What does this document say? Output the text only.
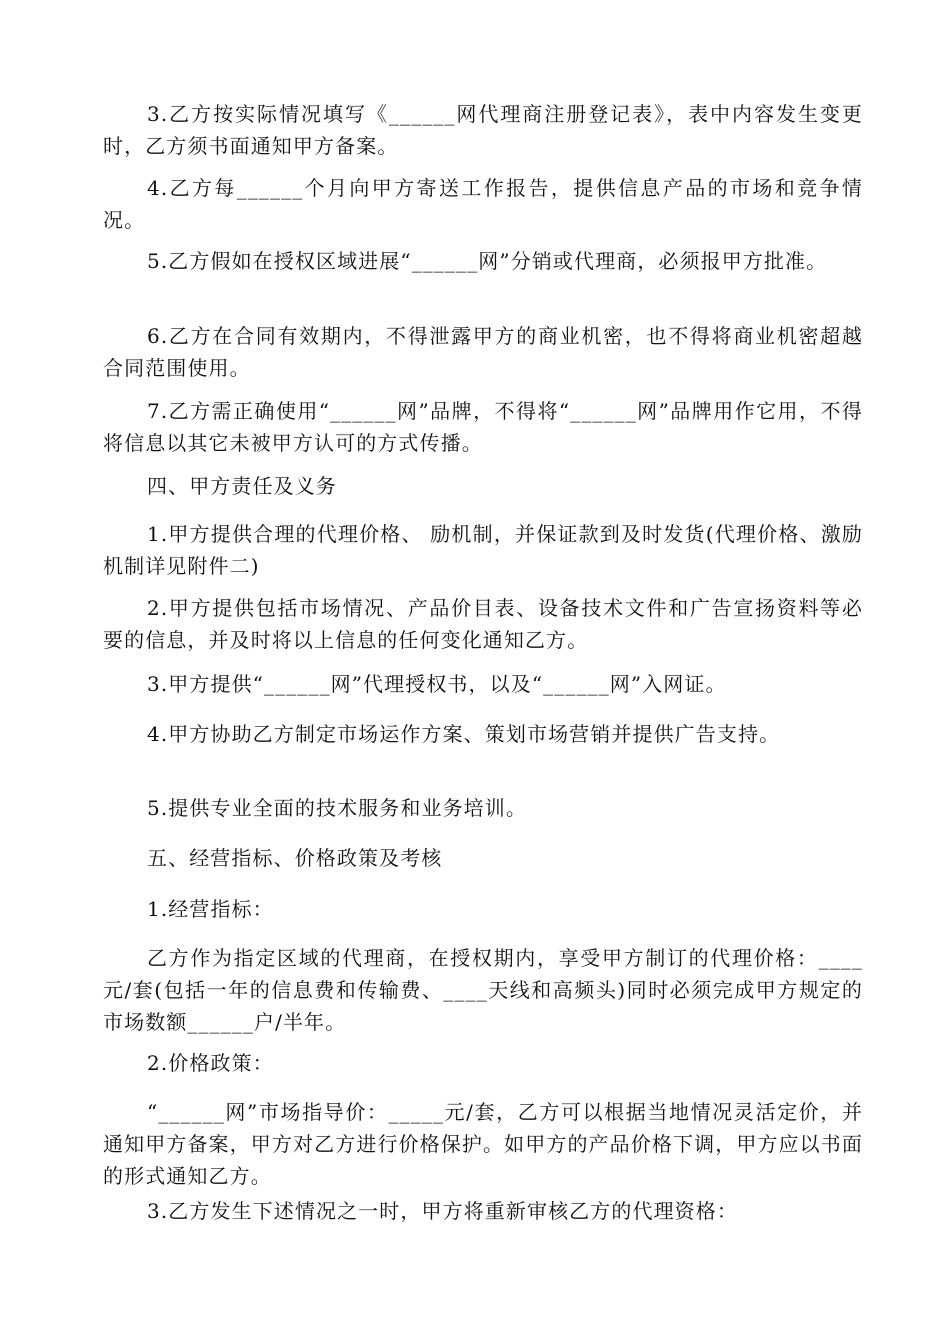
3.乙方按实际情况填写《______网代理商注册登记表》，表中内容发生变更时，乙方须书面通知甲方备案。

4.乙方每______个月向甲方寄送工作报告，提供信息产品的市场和竞争情况。

5.乙方假如在授权区域进展“______网”分销或代理商，必须报甲方批准。

6.乙方在合同有效期内，不得泄露甲方的商业机密，也不得将商业机密超越合同范围使用。

7.乙方需正确使用“______网”品牌，不得将“______网”品牌用作它用，不得将信息以其它未被甲方认可的方式传播。

四、甲方责任及义务

1.甲方提供合理的代理价格、 励机制，并保证款到及时发货(代理价格、激励机制详见附件二)

2.甲方提供包括市场情况、产品价目表、设备技术文件和广告宣扬资料等必要的信息，并及时将以上信息的任何变化通知乙方。

3.甲方提供“______网”代理授权书，以及“______网”入网证。

4.甲方协助乙方制定市场运作方案、策划市场营销并提供广告支持。

5.提供专业全面的技术服务和业务培训。

五、经营指标、价格政策及考核

1.经营指标：

乙方作为指定区域的代理商，在授权期内，享受甲方制订的代理价格：____元/套(包括一年的信息费和传输费、____天线和高频头)同时必须完成甲方规定的市场数额______户/半年。

2.价格政策：

“______网”市场指导价：_____元/套，乙方可以根据当地情况灵活定价，并通知甲方备案，甲方对乙方进行价格保护。如甲方的产品价格下调，甲方应以书面的形式通知乙方。

3.乙方发生下述情况之一时，甲方将重新审核乙方的代理资格：
